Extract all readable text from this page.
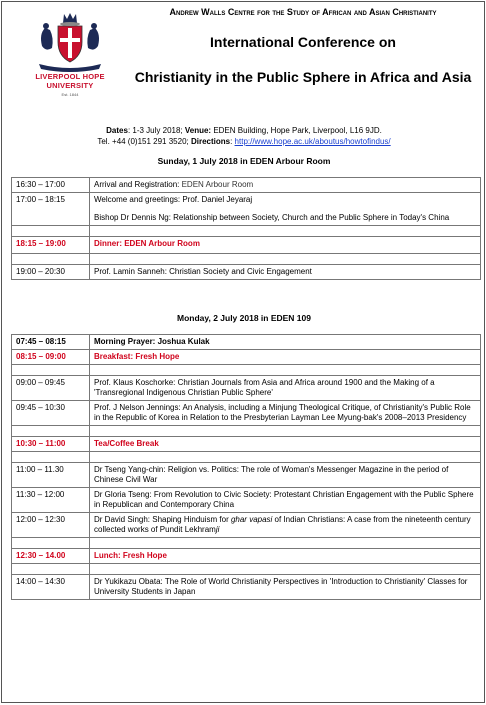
LIVERPOOL HOPE
UNIVERSITY
Est. 1844
Andrew Walls Centre for the Study of African and Asian Christianity
International Conference on
Christianity in the Public Sphere in Africa and Asia
Dates: 1-3 July 2018; Venue: EDEN Building, Hope Park, Liverpool, L16 9JD.
Tel. +44 (0)151 291 3520; Directions: http://www.hope.ac.uk/aboutus/howtofindus/
Sunday, 1 July 2018 in EDEN Arbour Room
16:30 – 17:00	Arrival and Registration: EDEN Arbour Room
17:00 – 18:15	Welcome and greetings: Prof. Daniel Jeyaraj
Bishop Dr Dennis Ng: Relationship between Society, Church and the Public Sphere in Today's China

18:15 – 19:00	Dinner: EDEN Arbour Room

19:00 – 20:30	Prof. Lamin Sanneh: Christian Society and Civic Engagement
Monday, 2 July 2018 in EDEN 109
07:45 – 08:15	Morning Prayer: Joshua Kulak
08:15 – 09:00	Breakfast: Fresh Hope

09:00 – 09:45	Prof. Klaus Koschorke: Christian Journals from Asia and Africa around 1900 and the Making of a 'Transregional Indigenous Christian Public Sphere'
09:45 – 10:30	Prof. J Nelson Jennings: An Analysis, including a Minjung Theological Critique, of Christianity's Public Role in the Republic of Korea in Relation to the Presbyterian Layman Lee Myung-bak's 2008–2013 Presidency

10:30 – 11:00	Tea/Coffee Break

11:00 – 11.30	Dr Tseng Yang-chin: Religion vs. Politics: The role of Woman's Messenger Magazine in the period of Chinese Civil War
11:30 – 12:00	Dr Gloria Tseng: From Revolution to Civic Society: Protestant Christian Engagement with the Public Sphere in Republican and Contemporary China
12:00 – 12:30	Dr David Singh: Shaping Hinduism for ghar vapasi of Indian Christians: A case from the nineteenth century collected works of Pundit Lekhramji

12:30 – 14.00	Lunch: Fresh Hope

14:00 – 14:30	Dr Yukikazu Obata: The Role of World Christianity Perspectives in 'Introduction to Christianity' Classes for University Students in Japan
